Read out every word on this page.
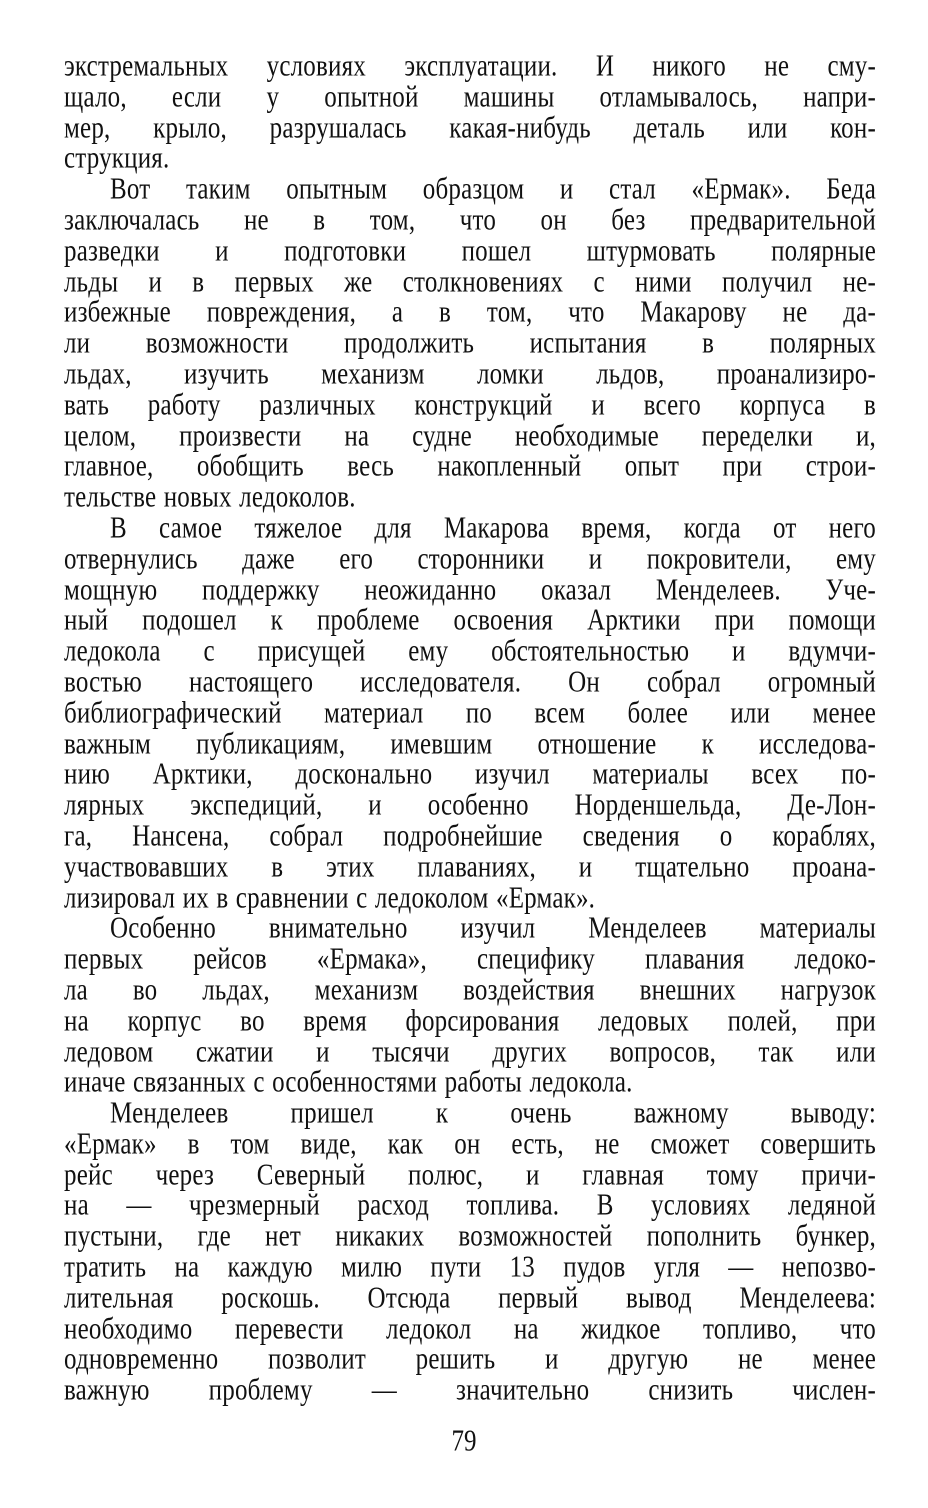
экстремальных условиях эксплуатации. И никого не сму-
щало, если у опытной машины отламывалось, напри-
мер, крыло, разрушалась какая-нибудь деталь или кон-
струкция.
Вот таким опытным образцом и стал «Ермак». Беда
заключалась не в том, что он без предварительной
разведки и подготовки пошел штурмовать полярные
льды и в первых же столкновениях с ними получил не-
избежные повреждения, а в том, что Макарову не да-
ли возможности продолжить испытания в полярных
льдах, изучить механизм ломки льдов, проанализиро-
вать работу различных конструкций и всего корпуса в
целом, произвести на судне необходимые переделки и,
главное, обобщить весь накопленный опыт при строи-
тельстве новых ледоколов.
В самое тяжелое для Макарова время, когда от него
отвернулись даже его сторонники и покровители, ему
мощную поддержку неожиданно оказал Менделеев. Уче-
ный подошел к проблеме освоения Арктики при помощи
ледокола с присущей ему обстоятельностью и вдумчи-
востью настоящего исследователя. Он собрал огромный
библиографический материал по всем более или менее
важным публикациям, имевшим отношение к исследова-
нию Арктики, досконально изучил материалы всех по-
лярных экспедиций, и особенно Норденшельда, Де-Лон-
га, Нансена, собрал подробнейшие сведения о кораблях,
участвовавших в этих плаваниях, и тщательно проана-
лизировал их в сравнении с ледоколом «Ермак».
Особенно внимательно изучил Менделеев материалы
первых рейсов «Ермака», специфику плавания ледоко-
ла во льдах, механизм воздействия внешних нагрузок
на корпус во время форсирования ледовых полей, при
ледовом сжатии и тысячи других вопросов, так или
иначе связанных с особенностями работы ледокола.
Менделеев пришел к очень важному выводу:
«Ермак» в том виде, как он есть, не сможет совершить
рейс через Северный полюс, и главная тому причи-
на — чрезмерный расход топлива. В условиях ледяной
пустыни, где нет никаких возможностей пополнить бункер,
тратить на каждую милю пути 13 пудов угля — непозво-
лительная роскошь. Отсюда первый вывод Менделеева:
необходимо перевести ледокол на жидкое топливо, что
одновременно позволит решить и другую не менее
важную проблему — значительно снизить числен-
79
